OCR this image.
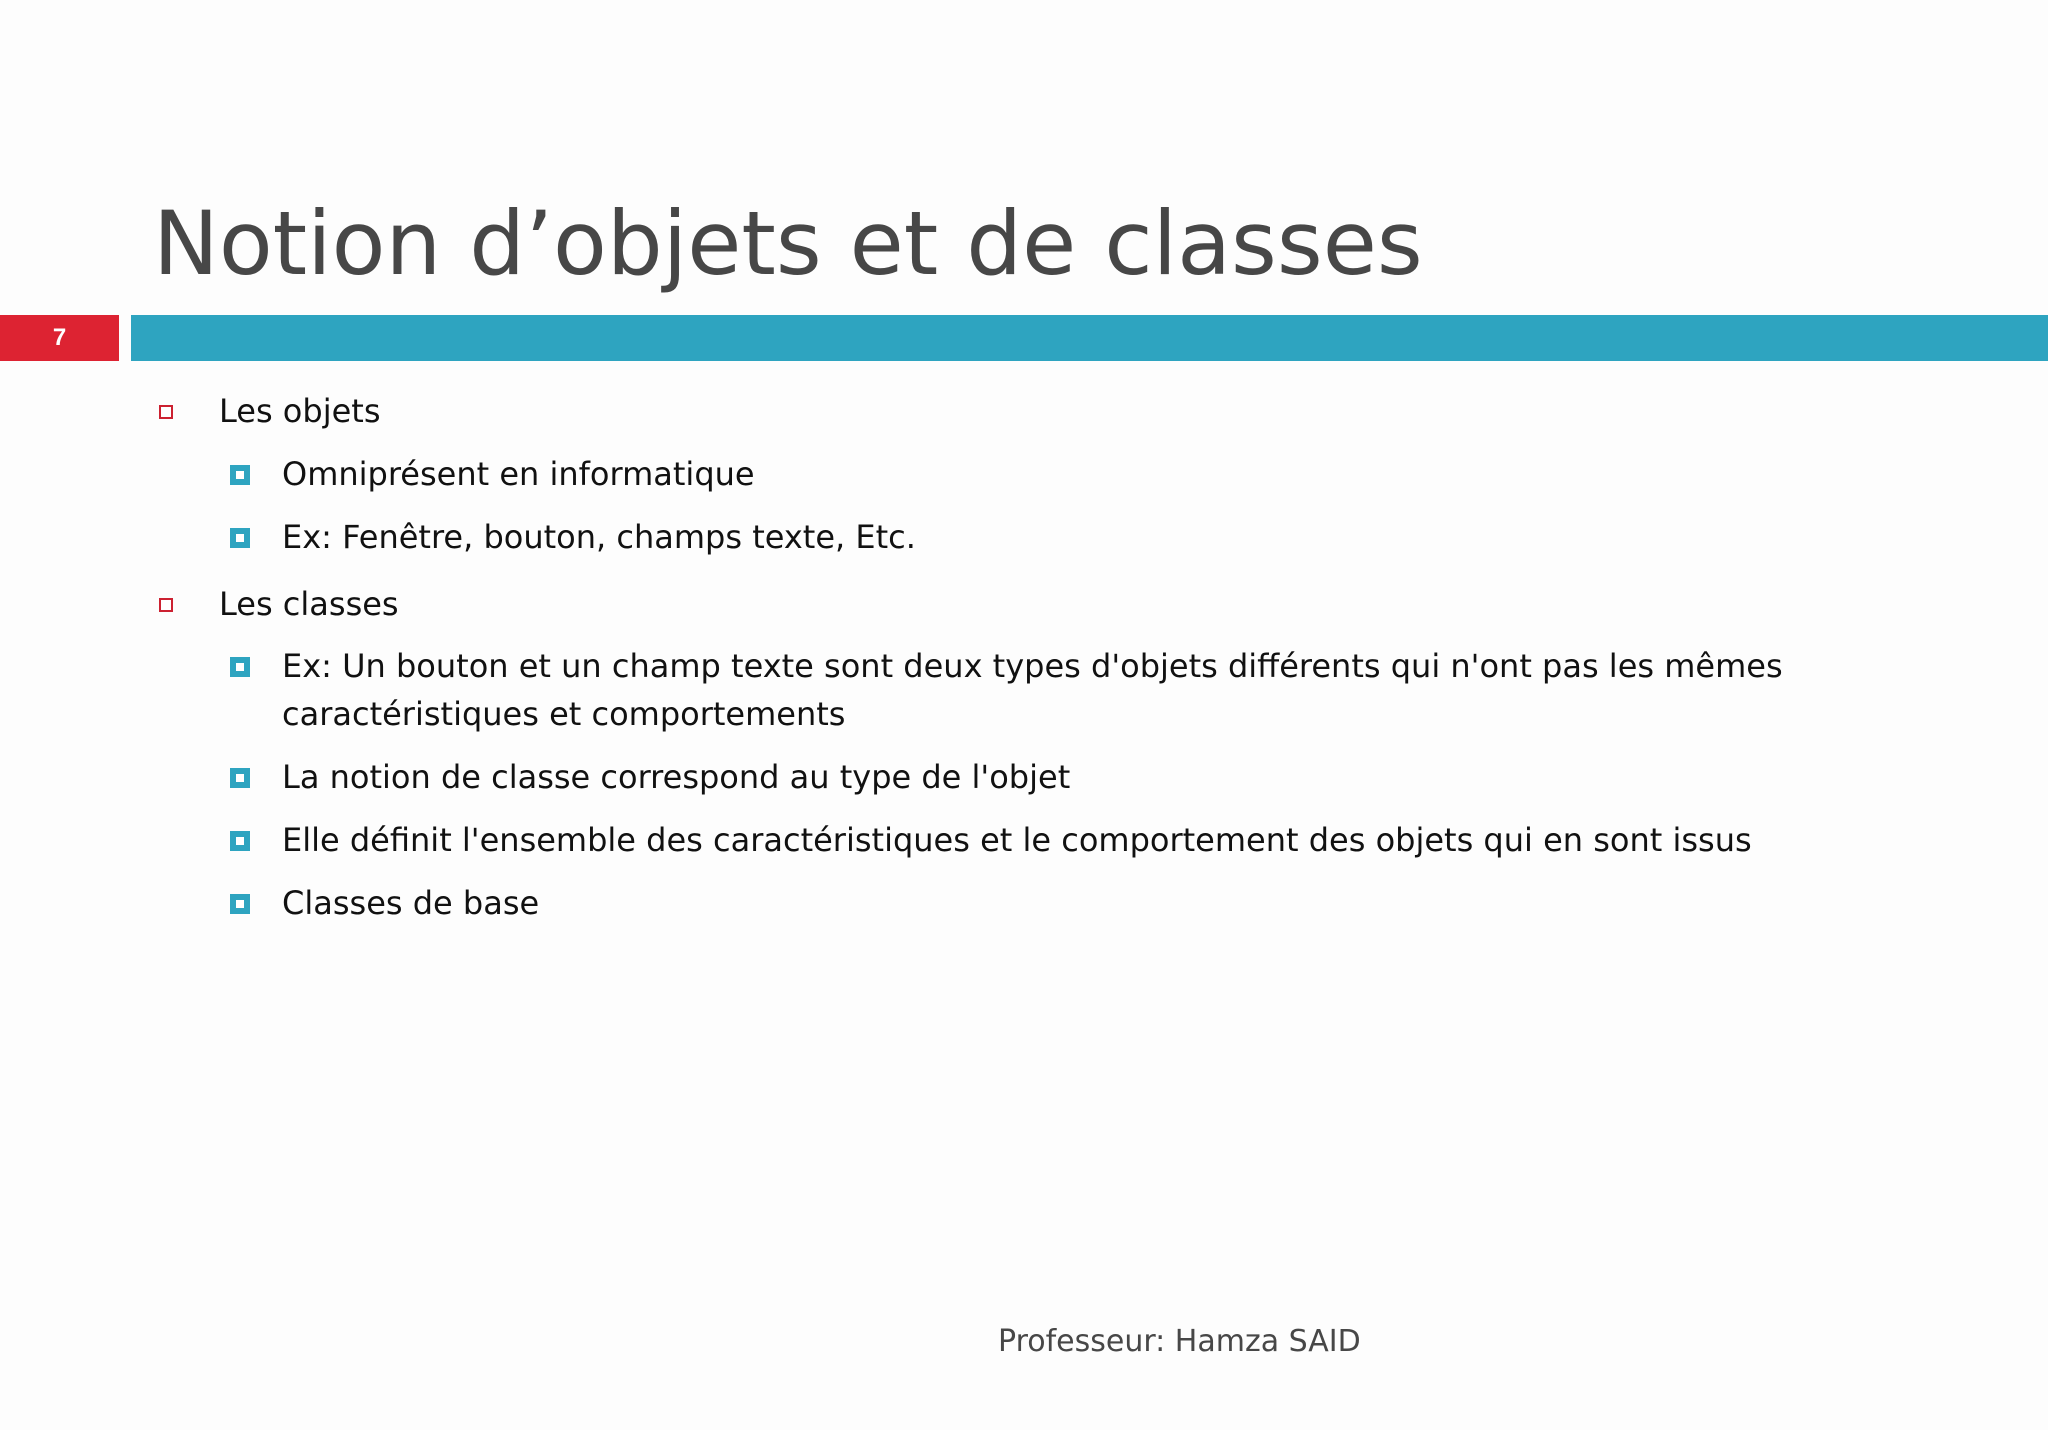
Notion d’objets et de classes
7
Les objets
Omniprésent en informatique
Ex: Fenêtre, bouton, champs texte, Etc.
Les classes
Ex: Un bouton et un champ texte sont deux types d'objets différents qui n'ont pas les mêmes
caractéristiques et comportements
La notion de classe correspond au type de l'objet
Elle définit l'ensemble des caractéristiques et le comportement des objets qui en sont issus
Classes de base
Professeur: Hamza SAID
